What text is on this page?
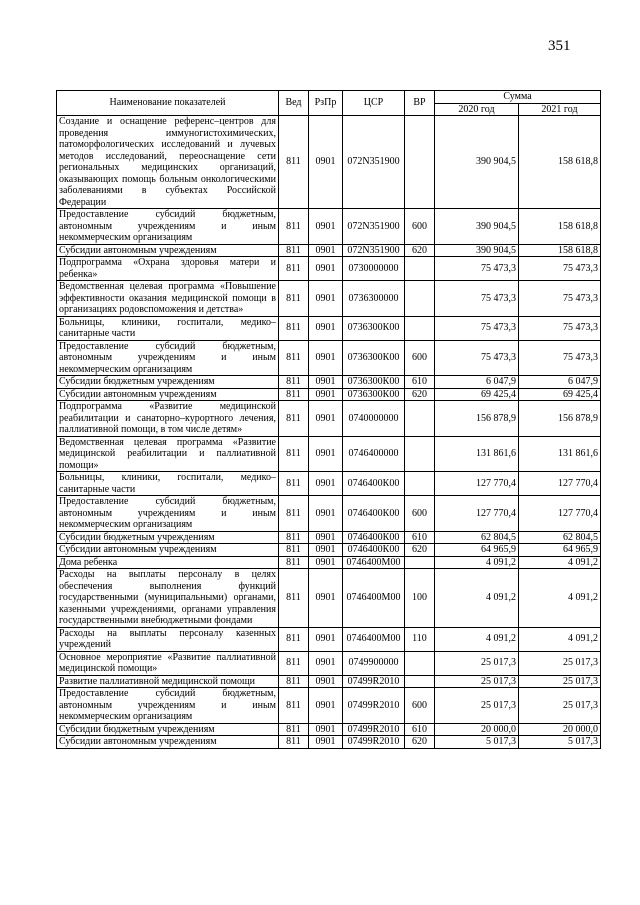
351
Наименование показателей	Вед	РзПр	ЦСР	ВР	Сумма	
					2020 год	2021 год
Создание и оснащение референс–центров для проведения иммуногистохимических, патоморфологических исследований и лучевых методов исследований, переоснащение сети региональных медицинских организаций, оказывающих помощь больным онкологическими заболеваниями в субъектах Российской Федерации	811	0901	072N351900		390 904,5	158 618,8
Предоставление субсидий бюджетным, автономным учреждениям и иным некоммерческим организациям	811	0901	072N351900	600	390 904,5	158 618,8
Субсидии автономным учреждениям	811	0901	072N351900	620	390 904,5	158 618,8
Подпрограмма «Охрана здоровья матери и ребенка»	811	0901	0730000000		75 473,3	75 473,3
Ведомственная целевая программа «Повышение эффективности оказания медицинской помощи в организациях родовспоможения и детства»	811	0901	0736300000		75 473,3	75 473,3
Больницы, клиники, госпитали, медико–санитарные части	811	0901	0736300К00		75 473,3	75 473,3
Предоставление субсидий бюджетным, автономным учреждениям и иным некоммерческим организациям	811	0901	0736300К00	600	75 473,3	75 473,3
Субсидии бюджетным учреждениям	811	0901	0736300К00	610	6 047,9	6 047,9
Субсидии автономным учреждениям	811	0901	0736300К00	620	69 425,4	69 425,4
Подпрограмма «Развитие медицинской реабилитации и санаторно–курортного лечения, паллиативной помощи, в том числе детям»	811	0901	0740000000		156 878,9	156 878,9
Ведомственная целевая программа «Развитие медицинской реабилитации и паллиативной помощи»	811	0901	0746400000		131 861,6	131 861,6
Больницы, клиники, госпитали, медико–санитарные части	811	0901	0746400К00		127 770,4	127 770,4
Предоставление субсидий бюджетным, автономным учреждениям и иным некоммерческим организациям	811	0901	0746400К00	600	127 770,4	127 770,4
Субсидии бюджетным учреждениям	811	0901	0746400К00	610	62 804,5	62 804,5
Субсидии автономным учреждениям	811	0901	0746400К00	620	64 965,9	64 965,9
Дома ребенка	811	0901	0746400М00		4 091,2	4 091,2
Расходы на выплаты персоналу в целях обеспечения выполнения функций государственными (муниципальными) органами, казенными учреждениями, органами управления государственными внебюджетными фондами	811	0901	0746400М00	100	4 091,2	4 091,2
Расходы на выплаты персоналу казенных учреждений	811	0901	0746400М00	110	4 091,2	4 091,2
Основное мероприятие «Развитие паллиативной медицинской помощи»	811	0901	0749900000		25 017,3	25 017,3
Развитие паллиативной медицинской помощи	811	0901	07499R2010		25 017,3	25 017,3
Предоставление субсидий бюджетным, автономным учреждениям и иным некоммерческим организациям	811	0901	07499R2010	600	25 017,3	25 017,3
Субсидии бюджетным учреждениям	811	0901	07499R2010	610	20 000,0	20 000,0
Субсидии автономным учреждениям	811	0901	07499R2010	620	5 017,3	5 017,3
